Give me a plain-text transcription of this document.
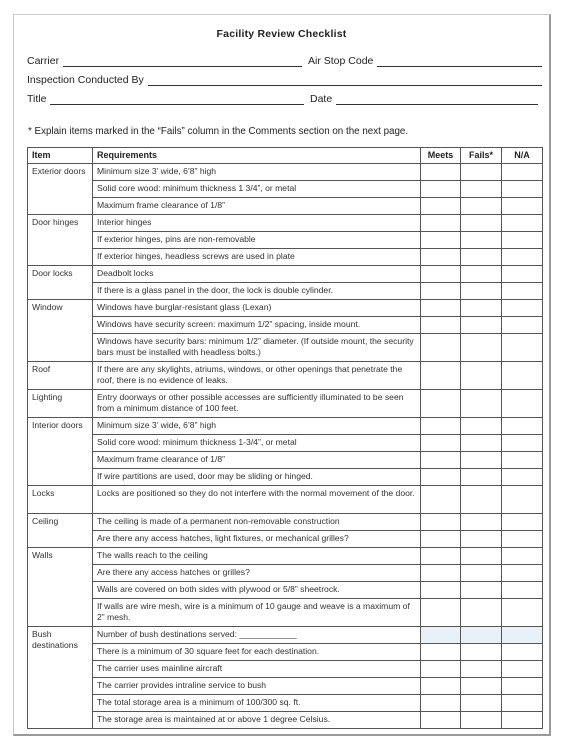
Facility Review Checklist
Carrier	Air Stop Code
Inspection Conducted By
Title	Date
* Explain items marked in the “Fails” column in the Comments section on the next page.
Item	Requirements	Meets	Fails*	N/A
Exterior doors	Minimum size 3’ wide, 6’8” high			
	Solid core wood: minimum thickness 1 3/4”, or metal			
	Maximum frame clearance of 1/8”			
Door hinges	Interior hinges			
	If exterior hinges, pins are non-removable			
	If exterior hinges, headless screws are used in plate			
Door locks	Deadbolt locks			
	If there is a glass panel in the door, the lock is double cylinder.			
Window	Windows have burglar-resistant glass (Lexan)			
	Windows have security screen: maximum 1/2” spacing, inside mount.			
	Windows have security bars: minimum 1/2” diameter. (If outside mount, the security bars must be installed with headless bolts.)			
Roof	If there are any skylights, atriums, windows, or other openings that penetrate the roof, there is no evidence of leaks.			
Lighting	Entry doorways or other possible accesses are sufficiently illuminated to be seen from a minimum distance of 100 feet.			
Interior doors	Minimum size 3’ wide, 6’8” high			
	Solid core wood: minimum thickness 1-3/4”, or metal			
	Maximum frame clearance of 1/8”			
	If wire partitions are used, door may be sliding or hinged.			
Locks	Locks are positioned so they do not interfere with the normal movement of the door.			
Ceiling	The ceiling is made of a permanent non-removable construction			
	Are there any access hatches, light fixtures, or mechanical grilles?			
Walls	The walls reach to the ceiling			
	Are there any access hatches or grilles?			
	Walls are covered on both sides with plywood or 5/8” sheetrock.			
	If walls are wire mesh, wire is a minimum of 10 gauge and weave is a maximum of 2” mesh.			
Bush destinations	Number of bush destinations served: ____________			
	There is a minimum of 30 square feet for each destination.			
	The carrier uses mainline aircraft			
	The carrier provides intraline service to bush			
	The total storage area is a minimum of 100/300 sq. ft.			
	The storage area is maintained at or above 1 degree Celsius.			
